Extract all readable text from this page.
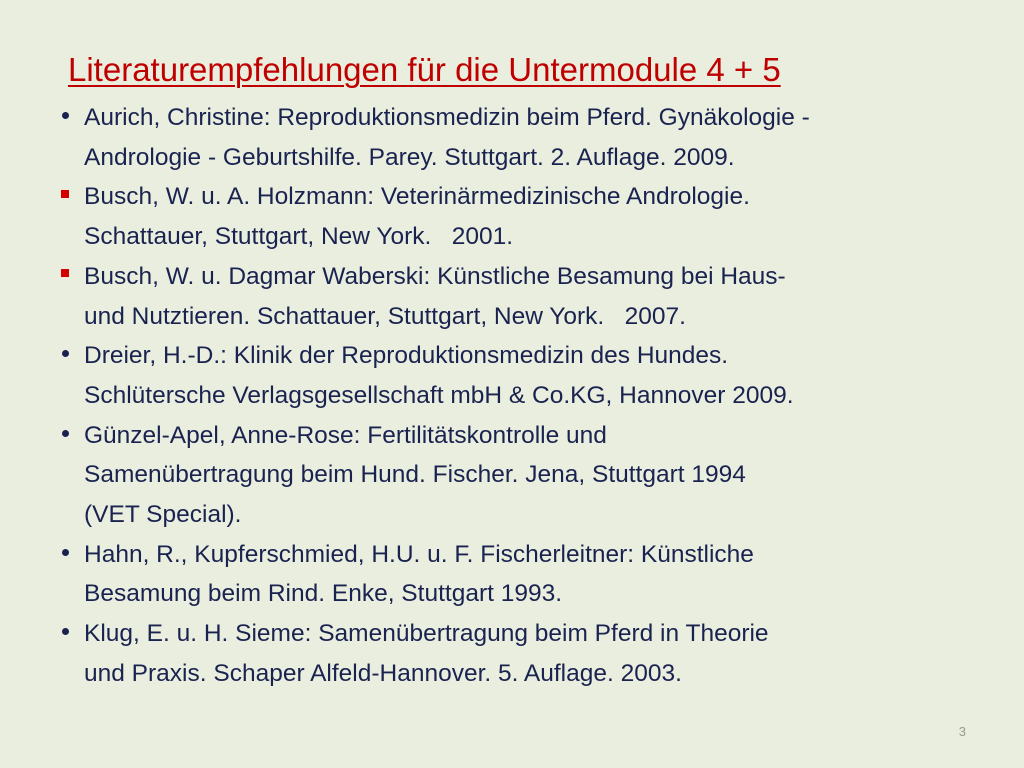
Literaturempfehlungen für die Untermodule 4 + 5
Aurich, Christine: Reproduktionsmedizin beim Pferd. Gynäkologie -
Andrologie - Geburtshilfe. Parey. Stuttgart. 2. Auflage. 2009.
Busch, W. u. A. Holzmann: Veterinärmedizinische Andrologie.
Schattauer, Stuttgart, New York.   2001.
Busch, W. u. Dagmar Waberski: Künstliche Besamung bei Haus-
und Nutztieren. Schattauer, Stuttgart, New York.   2007.
Dreier, H.-D.: Klinik der Reproduktionsmedizin des Hundes.
Schlütersche Verlagsgesellschaft mbH & Co.KG, Hannover 2009.
Günzel-Apel, Anne-Rose: Fertilitätskontrolle und
Samenübertragung beim Hund. Fischer. Jena, Stuttgart 1994
(VET Special).
Hahn, R., Kupferschmied, H.U. u. F. Fischerleitner: Künstliche
Besamung beim Rind. Enke, Stuttgart 1993.
Klug, E. u. H. Sieme: Samenübertragung beim Pferd in Theorie
und Praxis. Schaper Alfeld-Hannover. 5. Auflage. 2003.
3
